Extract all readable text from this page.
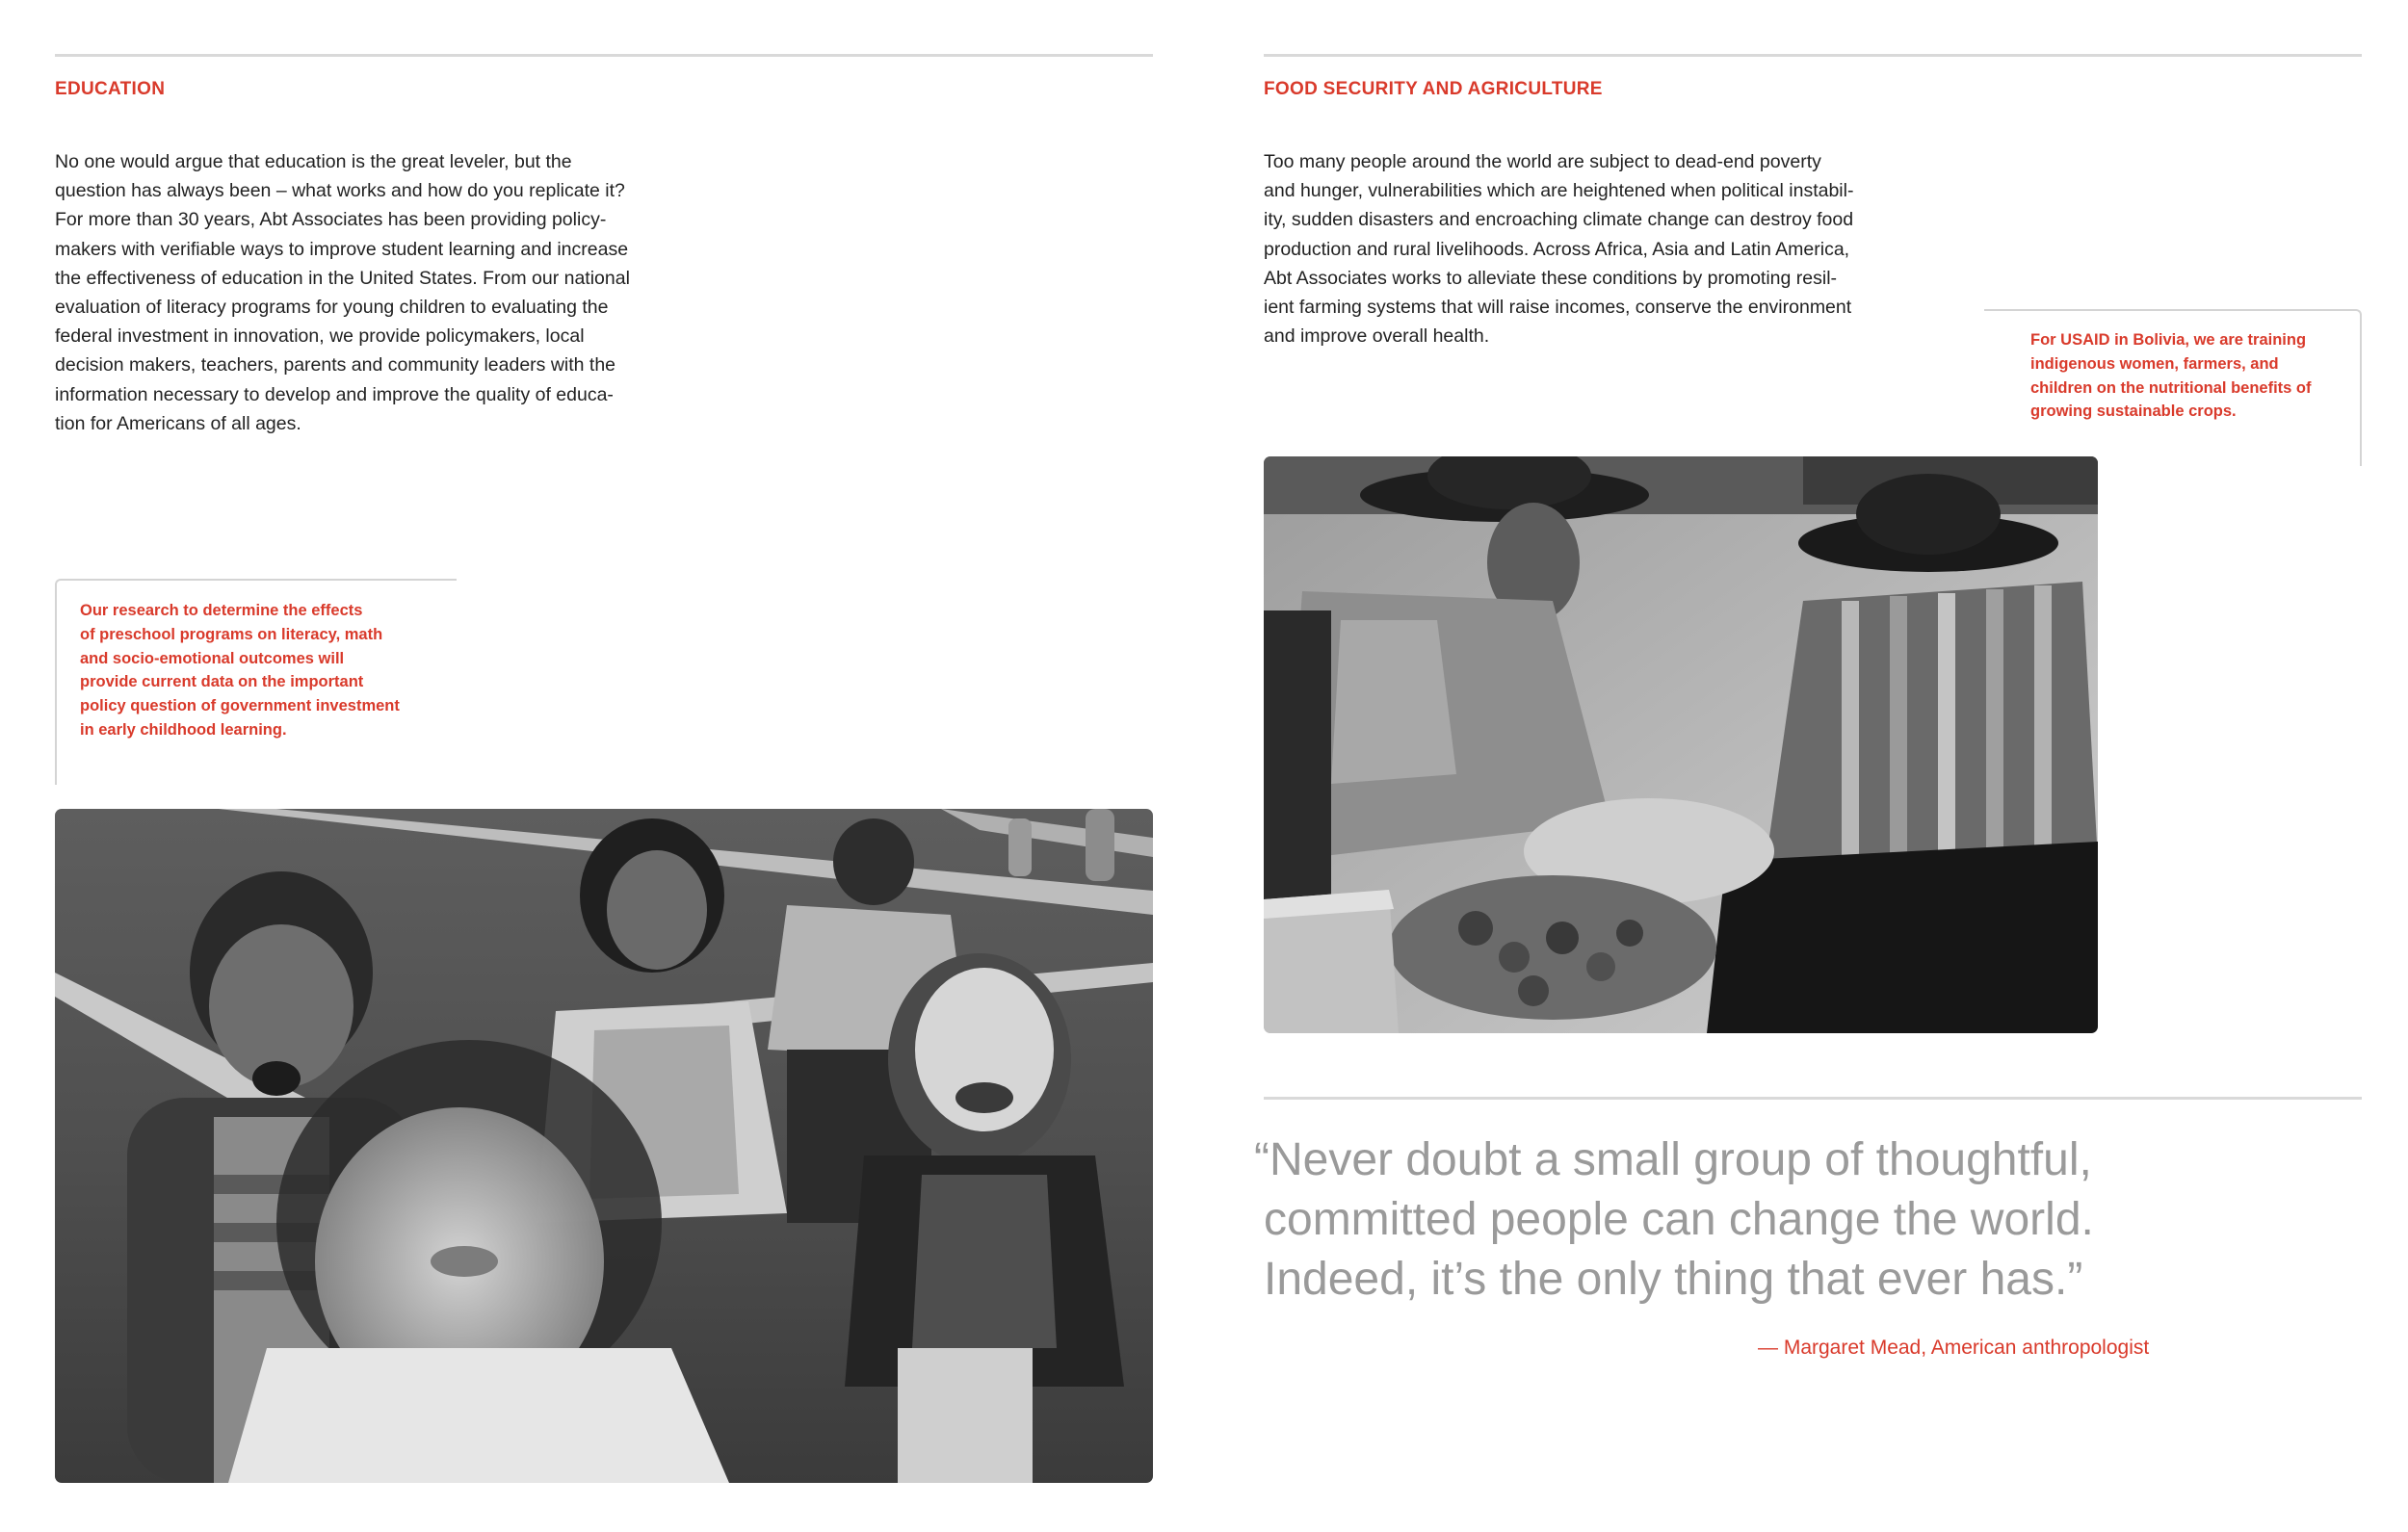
EDUCATION
No one would argue that education is the great leveler, but the
question has always been – what works and how do you replicate it?
For more than 30 years, Abt Associates has been providing policy-
makers with verifiable ways to improve student learning and increase
the effectiveness of education in the United States. From our national
evaluation of literacy programs for young children to evaluating the
federal investment in innovation, we provide policymakers, local
decision makers, teachers, parents and community leaders with the
information necessary to develop and improve the quality of educa-
tion for Americans of all ages.

Our research to determine the effects

of preschool programs on literacy, math

and socio-emotional outcomes will

provide current data on the important

policy question of government investment

in early childhood learning.

FOOD SECURITY AND AGRICULTURE
Too many people around the world are subject to dead-end poverty
and hunger, vulnerabilities which are heightened when political instabil-
ity, sudden disasters and encroaching climate change can destroy food
production and rural livelihoods. Across Africa, Asia and Latin America,
Abt Associates works to alleviate these conditions by promoting resil-
ient farming systems that will raise incomes, conserve the environment
and improve overall health.	For USAID in Bolivia, we are training

indigenous women, farmers, and

children on the nutritional benefits of

growing sustainable crops.

“Never doubt a small group of thoughtful,
committed people can change the world.
Indeed, it’s the only thing that ever has.”

— Margaret Mead, American anthropologist
